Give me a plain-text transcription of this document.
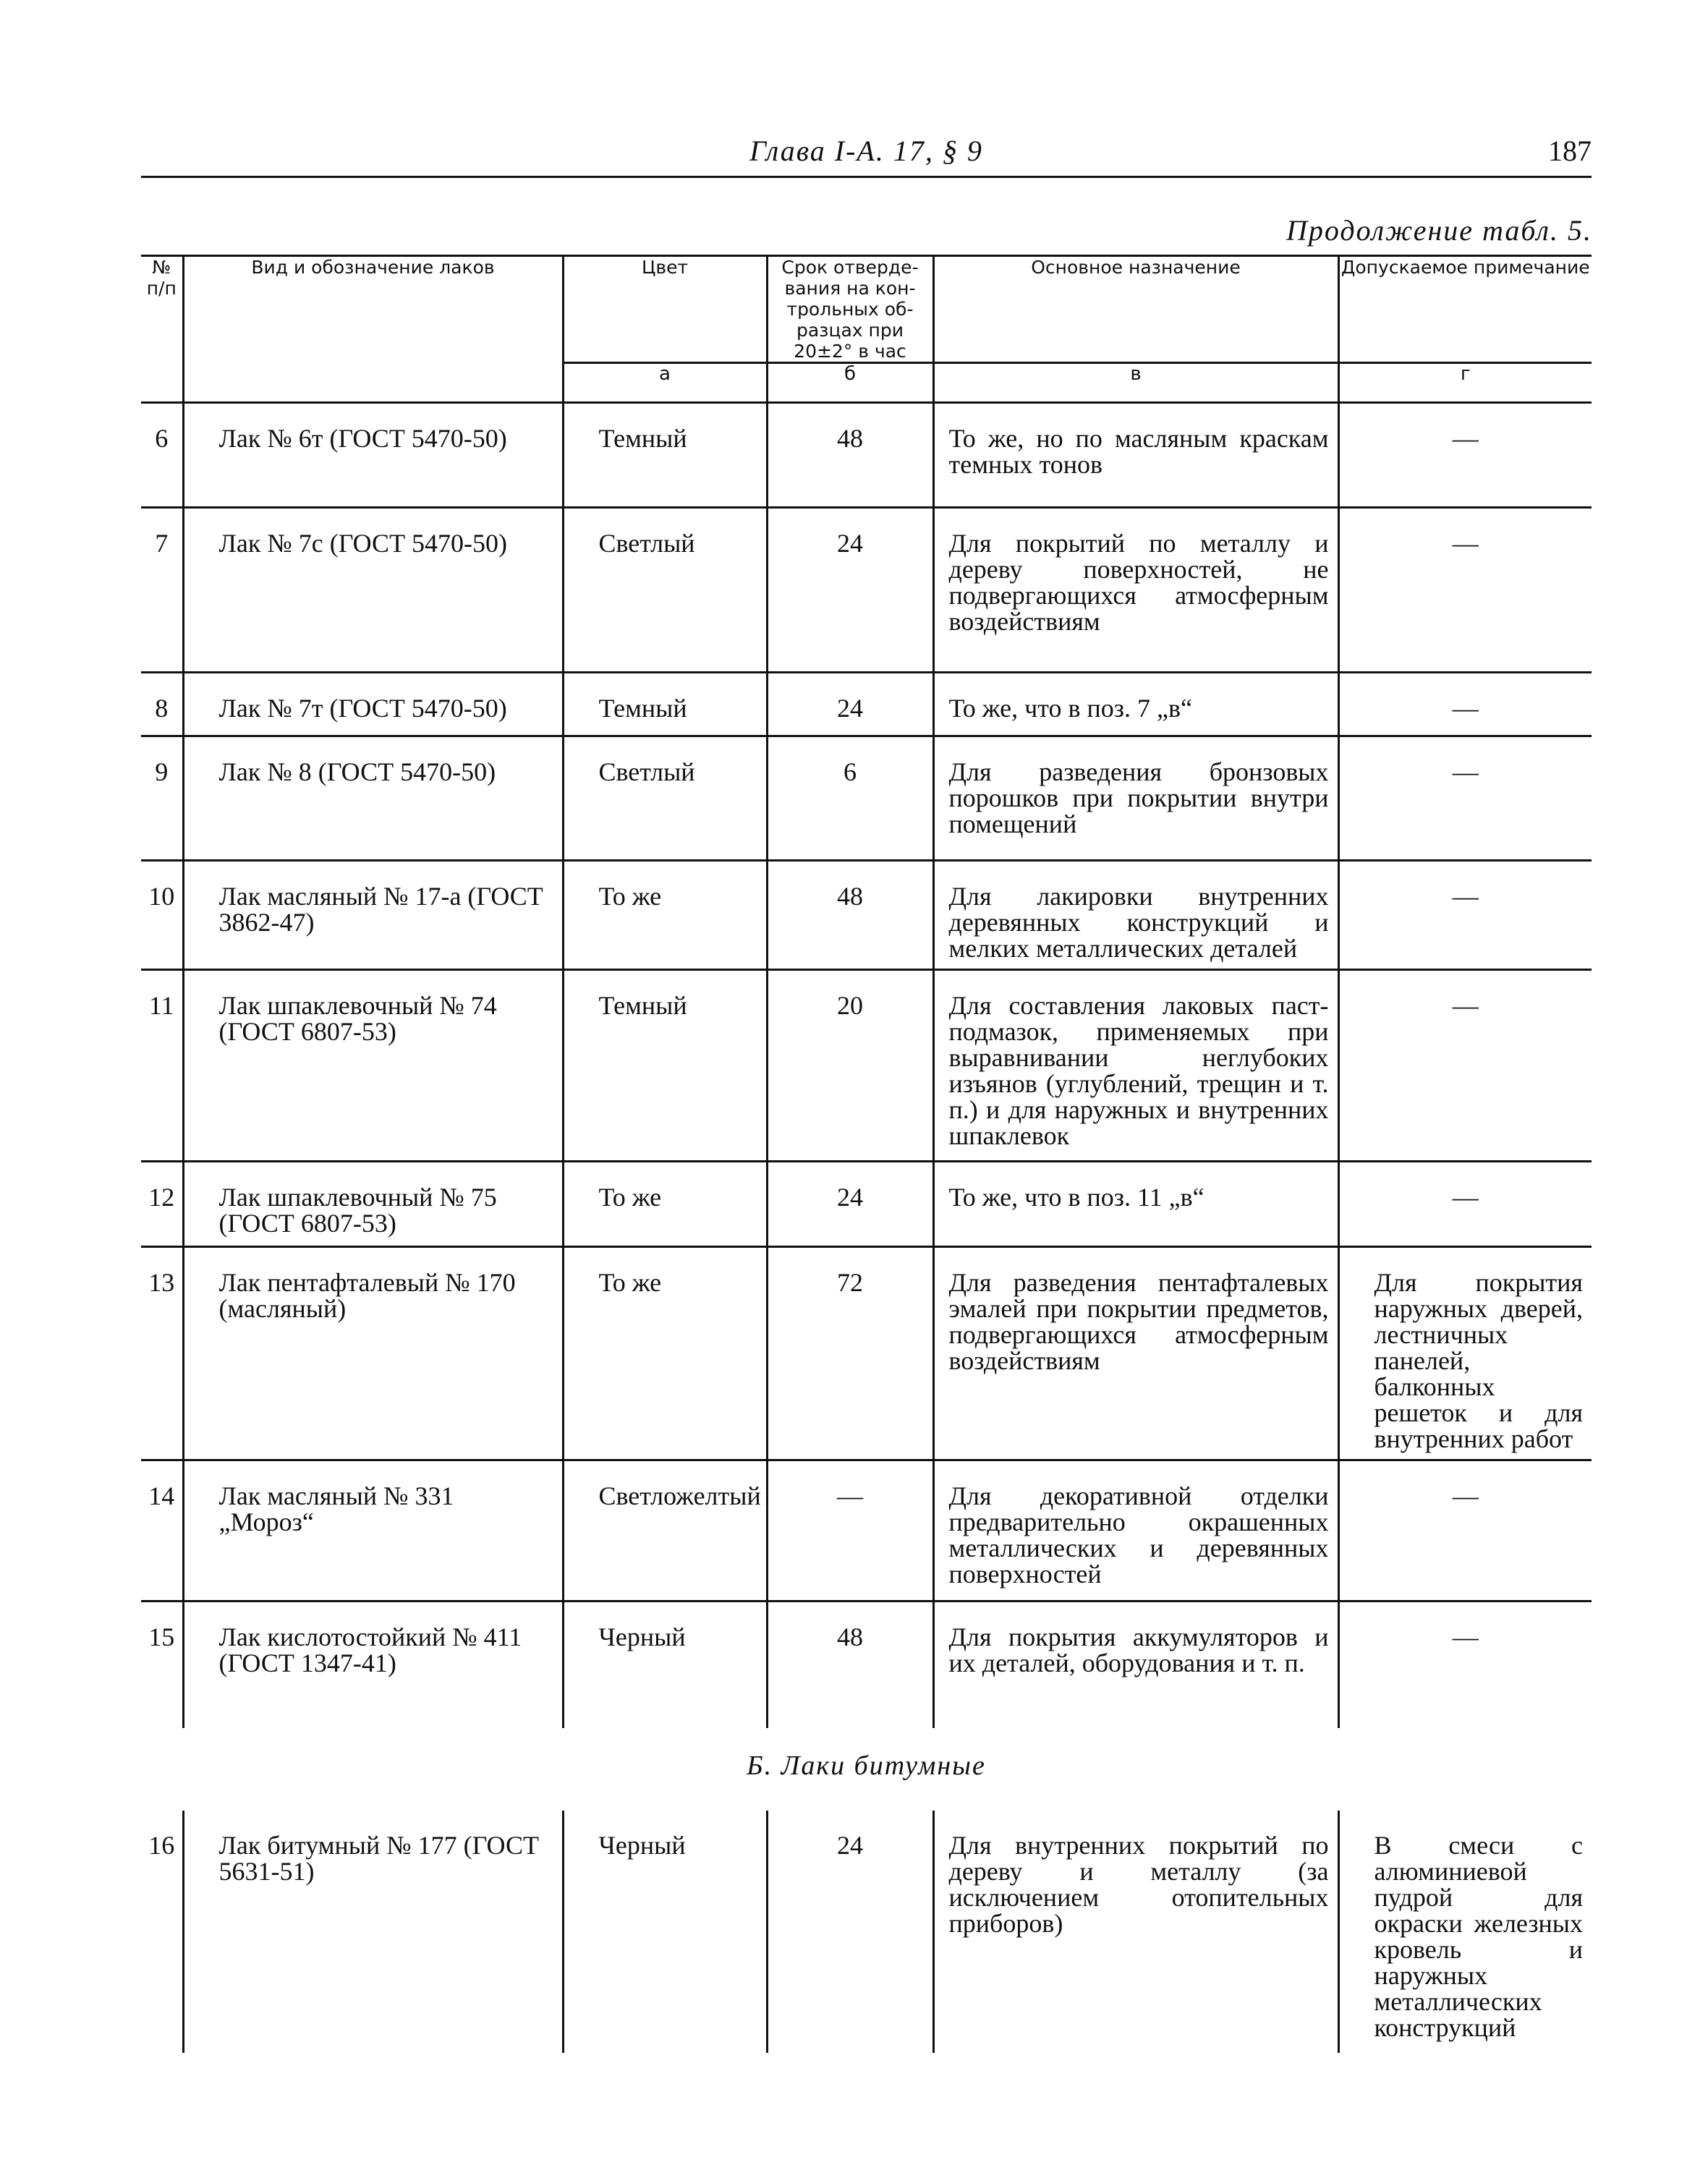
Глава I-А. 17, § 9	187
Продолжение табл. 5.
№ п/п	Вид и обозначение лаков	Цвет	Срок отверде-вания на кон-трольных об-разцах при 20±2° в час	Основное назначение	Допускаемое примечание
		а	б	в	г
6	Лак № 6т (ГОСТ 5470-50)	Темный	48	То же, но по масляным краскам темных тонов	—
7	Лак № 7с (ГОСТ 5470-50)	Светлый	24	Для покрытий по металлу и дереву поверхностей, не подвергающихся атмосферным воздействиям	—
8	Лак № 7т (ГОСТ 5470-50)	Темный	24	То же, что в поз. 7 „в“	—
9	Лак № 8 (ГОСТ 5470-50)	Светлый	6	Для разведения бронзовых порошков при покрытии внутри помещений	—
10	Лак масляный № 17-а (ГОСТ 3862-47)	То же	48	Для лакировки внутренних деревянных конструкций и мелких металлических деталей	—
11	Лак шпаклевочный № 74 (ГОСТ 6807-53)	Темный	20	Для составления лаковых паст-подмазок, применяемых при выравнивании неглубоких изъянов (углублений, трещин и т. п.) и для наружных и внутренних шпаклевок	—
12	Лак шпаклевочный № 75 (ГОСТ 6807-53)	То же	24	То же, что в поз. 11 „в“	—
13	Лак пентафталевый № 170 (масляный)	То же	72	Для разведения пентафталевых эмалей при покрытии предметов, подвергающихся атмосферным воздействиям	Для покрытия наружных дверей, лестничных панелей, балконных решеток и для внутренних работ
14	Лак масляный № 331 „Мороз“	Светложелтый	—	Для декоративной отделки предварительно окрашенных металлических и деревянных поверхностей	—
15	Лак кислотостойкий № 411 (ГОСТ 1347-41)	Черный	48	Для покрытия аккумуляторов и их деталей, оборудования и т. п.	—
Б. Лаки битумные					
16	Лак битумный № 177 (ГОСТ 5631-51)	Черный	24	Для внутренних покрытий по дереву и металлу (за исключением отопительных приборов)	В смеси с алюминиевой пудрой для окраски железных кровель и наружных металлических конструкций
